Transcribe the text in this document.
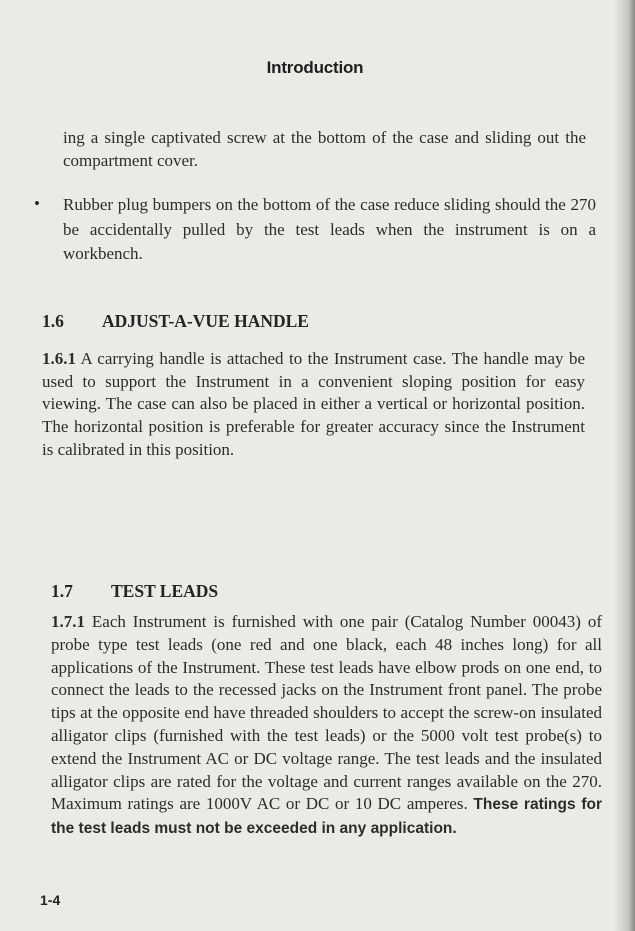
Introduction
ing a single captivated screw at the bottom of the case and sliding out the compartment cover.
• Rubber plug bumpers on the bottom of the case reduce sliding should the 270 be accidentally pulled by the test leads when the instrument is on a workbench.
1.6 ADJUST-A-VUE HANDLE
1.6.1 A carrying handle is attached to the Instrument case. The handle may be used to support the Instrument in a convenient sloping position for easy viewing. The case can also be placed in either a vertical or horizontal position. The horizontal position is preferable for greater accuracy since the Instrument is calibrated in this position.
1.7 TEST LEADS
1.7.1 Each Instrument is furnished with one pair (Catalog Number 00043) of probe type test leads (one red and one black, each 48 inches long) for all applications of the Instrument. These test leads have elbow prods on one end, to connect the leads to the recessed jacks on the Instrument front panel. The probe tips at the opposite end have threaded shoulders to accept the screw-on insulated alligator clips (furnished with the test leads) or the 5000 volt test probe(s) to extend the Instrument AC or DC voltage range. The test leads and the insulated alligator clips are rated for the voltage and current ranges available on the 270. Maximum ratings are 1000V AC or DC or 10 DC amperes. These ratings for the test leads must not be exceeded in any application.
1-4
